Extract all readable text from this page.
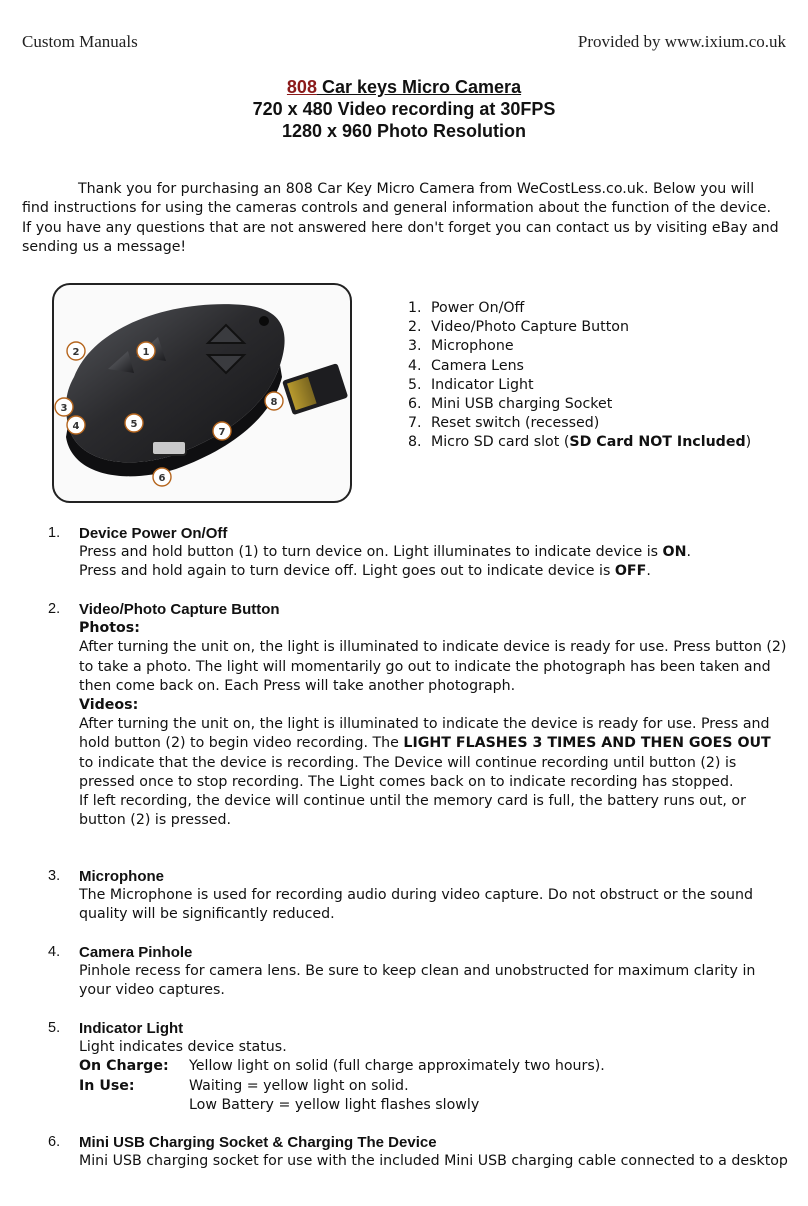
Custom Manuals	Provided by www.ixium.co.uk
808 Car keys Micro Camera
720 x 480 Video recording at 30FPS
1280 x 960 Photo Resolution
Thank you for purchasing an 808 Car Key Micro Camera from WeCostLess.co.uk. Below you will find instructions for using the cameras controls and general information about the function of the device. If you have any questions that are not answered here don't forget you can contact us by visiting eBay and sending us a message!
1
2
3
4	5
6
7
8
1. Power On/Off
2. Video/Photo Capture Button
3. Microphone
4. Camera Lens
5. Indicator Light
6. Mini USB charging Socket
7. Reset switch (recessed)
8. Micro SD card slot (SD Card NOT Included)
1. Device Power On/Off
Press and hold button (1) to turn device on. Light illuminates to indicate device is ON.
Press and hold again to turn device off. Light goes out to indicate device is OFF.
2. Video/Photo Capture Button
Photos:
After turning the unit on, the light is illuminated to indicate device is ready for use. Press button (2) to take a photo. The light will momentarily go out to indicate the photograph has been taken and then come back on. Each Press will take another photograph.
Videos:
After turning the unit on, the light is illuminated to indicate the device is ready for use. Press and hold button (2) to begin video recording. The LIGHT FLASHES 3 TIMES AND THEN GOES OUT to indicate that the device is recording. The Device will continue recording until button (2) is pressed once to stop recording. The Light comes back on to indicate recording has stopped.
If left recording, the device will continue until the memory card is full, the battery runs out, or button (2) is pressed.
3. Microphone
The Microphone is used for recording audio during video capture. Do not obstruct or the sound quality will be significantly reduced.
4. Camera Pinhole
Pinhole recess for camera lens. Be sure to keep clean and unobstructed for maximum clarity in your video captures.
5. Indicator Light
Light indicates device status.
On Charge: Yellow light on solid (full charge approximately two hours).
In Use:	Waiting = yellow light on solid.
Low Battery = yellow light flashes slowly
6. Mini USB Charging Socket & Charging The Device
Mini USB charging socket for use with the included Mini USB charging cable connected to a desktop
